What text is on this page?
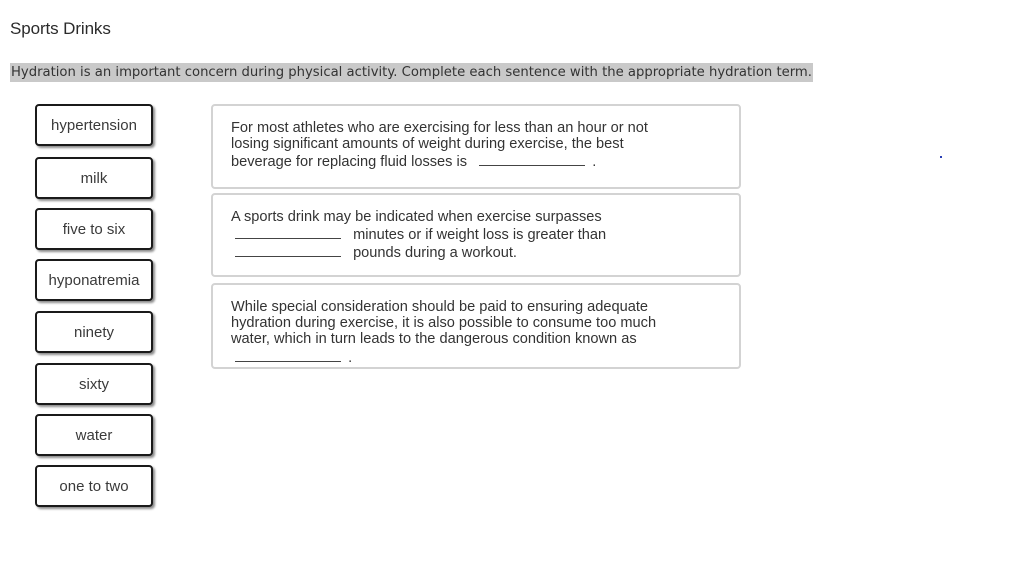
Sports Drinks
Hydration is an important concern during physical activity. Complete each sentence with the appropriate hydration term.
hypertension
milk
five to six
hyponatremia
ninety
sixty
water
one to two
For most athletes who are exercising for less than an hour or not
losing significant amounts of weight during exercise, the best
beverage for replacing fluid losses is	.
A sports drink may be indicated when exercise surpasses
minutes or if weight loss is greater than
pounds during a workout.
While special consideration should be paid to ensuring adequate
hydration during exercise, it is also possible to consume too much
water, which in turn leads to the dangerous condition known as
.
